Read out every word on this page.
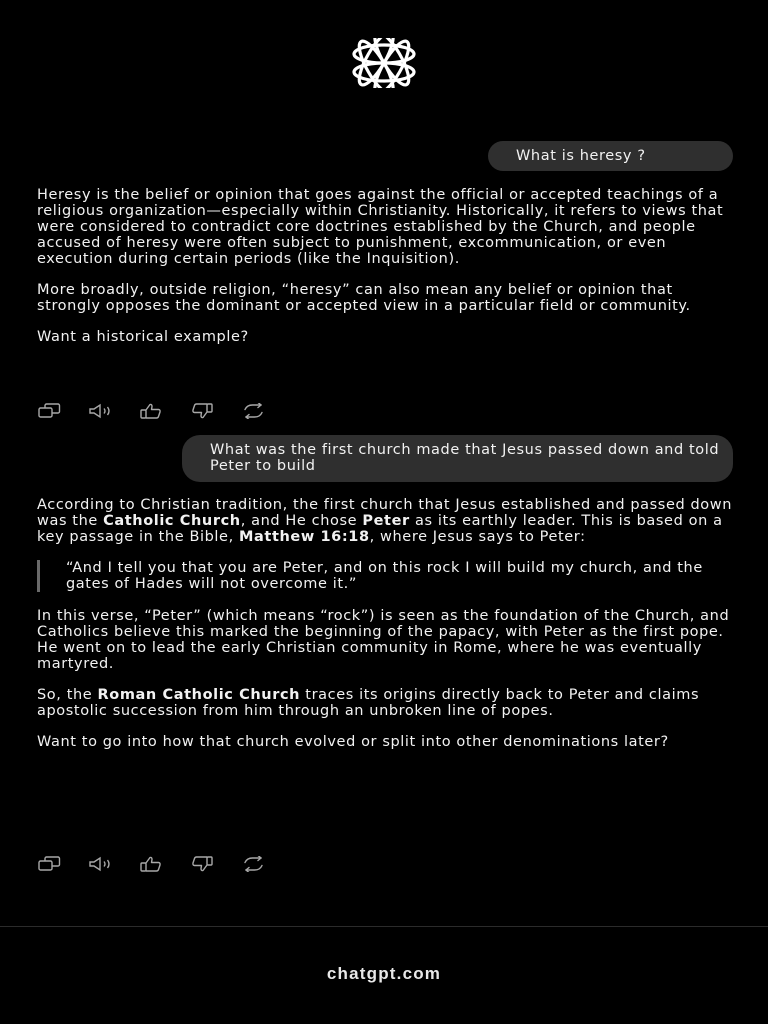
What is heresy ?

Heresy is the belief or opinion that goes against the official or accepted teachings of a religious organization—especially within Christianity. Historically, it refers to views that were considered to contradict core doctrines established by the Church, and people accused of heresy were often subject to punishment, excommunication, or even execution during certain periods (like the Inquisition).

More broadly, outside religion, “heresy” can also mean any belief or opinion that strongly opposes the dominant or accepted view in a particular field or community.

Want a historical example?

What was the first church made that Jesus passed down and told Peter to build

According to Christian tradition, the first church that Jesus established and passed down was the Catholic Church, and He chose Peter as its earthly leader. This is based on a key passage in the Bible, Matthew 16:18, where Jesus says to Peter:

“And I tell you that you are Peter, and on this rock I will build my church, and the gates of Hades will not overcome it.”

In this verse, “Peter” (which means “rock”) is seen as the foundation of the Church, and Catholics believe this marked the beginning of the papacy, with Peter as the first pope. He went on to lead the early Christian community in Rome, where he was eventually martyred.

So, the Roman Catholic Church traces its origins directly back to Peter and claims apostolic succession from him through an unbroken line of popes.

Want to go into how that church evolved or split into other denominations later?

chatgpt.com
